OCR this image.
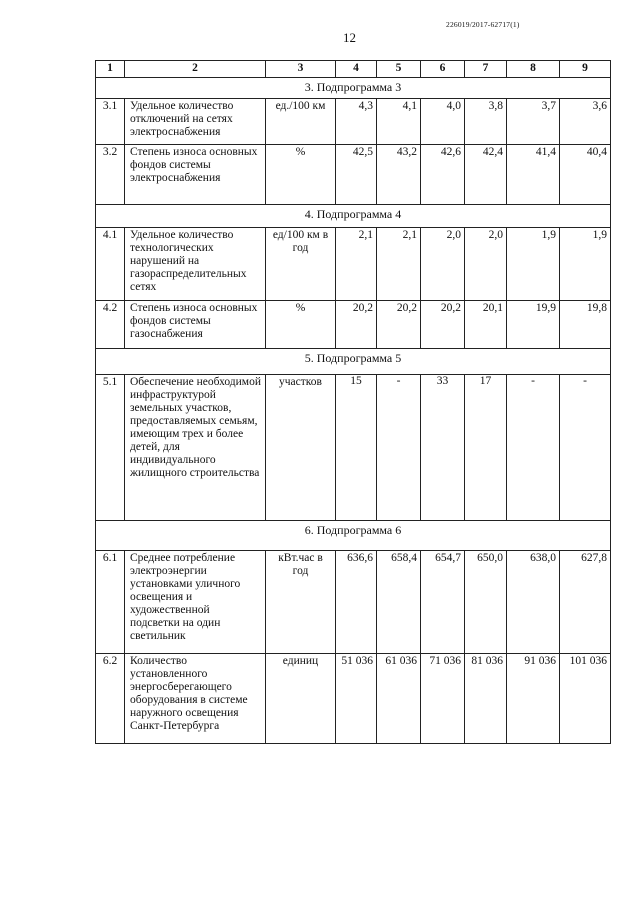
226019/2017-62717(1)
12
1	2	3	4	5	6	7	8	9
3. Подпрограмма 3								
3.1	Удельное количество отключений на сетях электроснабжения	ед./100 км	4,3	4,1	4,0	3,8	3,7	3,6
3.2	Степень износа основных фондов системы электроснабжения	%	42,5	43,2	42,6	42,4	41,4	40,4
4. Подпрограмма 4								
4.1	Удельное количество технологических нарушений на газораспределительных сетях	ед/100 км в год	2,1	2,1	2,0	2,0	1,9	1,9
4.2	Степень износа основных фондов системы газоснабжения	%	20,2	20,2	20,2	20,1	19,9	19,8
5. Подпрограмма 5								
5.1	Обеспечение необходимой инфраструктурой земельных участков, предоставляемых семьям, имеющим трех и более детей, для индивидуального жилищного строительства	участков	15	-	33	17	-	-
6. Подпрограмма 6								
6.1	Среднее потребление электроэнергии установками уличного освещения и художественной подсветки на один светильник	кВт.час в год	636,6	658,4	654,7	650,0	638,0	627,8
6.2	Количество установленного энергосберегающего оборудования в системе наружного освещения Санкт-Петербурга	единиц	51 036	61 036	71 036	81 036	91 036	101 036
